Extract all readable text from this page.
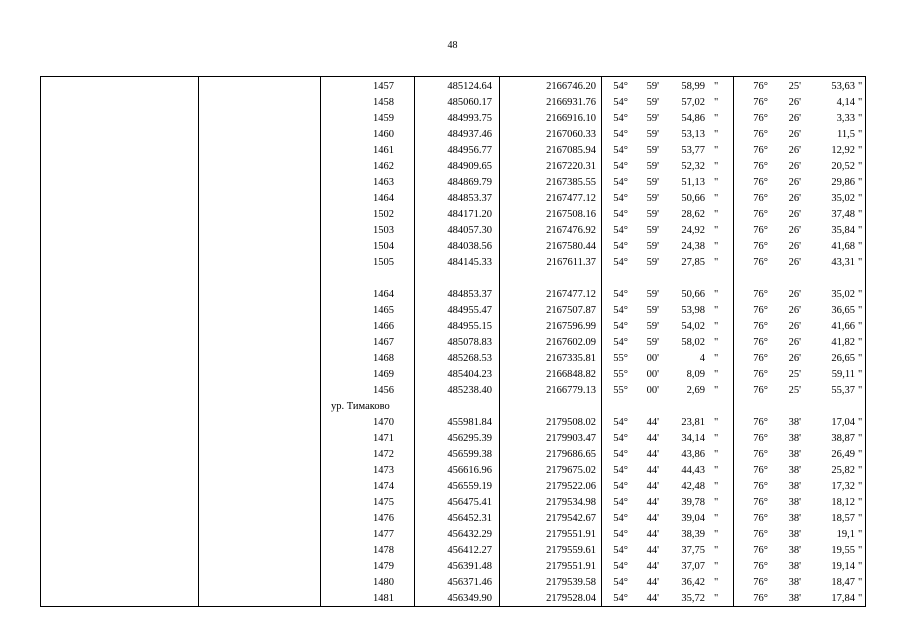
48
1457	485124.64	2166746.20	54°	59'	58,99 "	76°	25'	53,63 "
1458	485060.17	2166931.76	54°	59'	57,02 "	76°	26'	4,14 "
1459	484993.75	2166916.10	54°	59'	54,86 "	76°	26'	3,33 "
1460	484937.46	2167060.33	54°	59'	53,13 "	76°	26'	11,5 "
1461	484956.77	2167085.94	54°	59'	53,77 "	76°	26'	12,92 "
1462	484909.65	2167220.31	54°	59'	52,32 "	76°	26'	20,52 "
1463	484869.79	2167385.55	54°	59'	51,13 "	76°	26'	29,86 "
1464	484853.37	2167477.12	54°	59'	50,66 "	76°	26'	35,02 "
1502	484171.20	2167508.16	54°	59'	28,62 "	76°	26'	37,48 "
1503	484057.30	2167476.92	54°	59'	24,92 "	76°	26'	35,84 "
1504	484038.56	2167580.44	54°	59'	24,38 "	76°	26'	41,68 "
1505	484145.33	2167611.37	54°	59'	27,85 "	76°	26'	43,31 "
1464	484853.37	2167477.12	54°	59'	50,66 "	76°	26'	35,02 "
1465	484955.47	2167507.87	54°	59'	53,98 "	76°	26'	36,65 "
1466	484955.15	2167596.99	54°	59'	54,02 "	76°	26'	41,66 "
1467	485078.83	2167602.09	54°	59'	58,02 "	76°	26'	41,82 "
1468	485268.53	2167335.81	55°	00'	4 "	76°	26'	26,65 "
1469	485404.23	2166848.82	55°	00'	8,09 "	76°	25'	59,11 "
1456	485238.40	2166779.13	55°	00'	2,69 "	76°	25'	55,37 "
ур. Тимаково
1470	455981.84	2179508.02	54°	44'	23,81 "	76°	38'	17,04 "
1471	456295.39	2179903.47	54°	44'	34,14 "	76°	38'	38,87 "
1472	456599.38	2179686.65	54°	44'	43,86 "	76°	38'	26,49 "
1473	456616.96	2179675.02	54°	44'	44,43 "	76°	38'	25,82 "
1474	456559.19	2179522.06	54°	44'	42,48 "	76°	38'	17,32 "
1475	456475.41	2179534.98	54°	44'	39,78 "	76°	38'	18,12 "
1476	456452.31	2179542.67	54°	44'	39,04 "	76°	38'	18,57 "
1477	456432.29	2179551.91	54°	44'	38,39 "	76°	38'	19,1 "
1478	456412.27	2179559.61	54°	44'	37,75 "	76°	38'	19,55 "
1479	456391.48	2179551.91	54°	44'	37,07 "	76°	38'	19,14 "
1480	456371.46	2179539.58	54°	44'	36,42 "	76°	38'	18,47 "
1481	456349.90	2179528.04	54°	44'	35,72 "	76°	38'	17,84 "
